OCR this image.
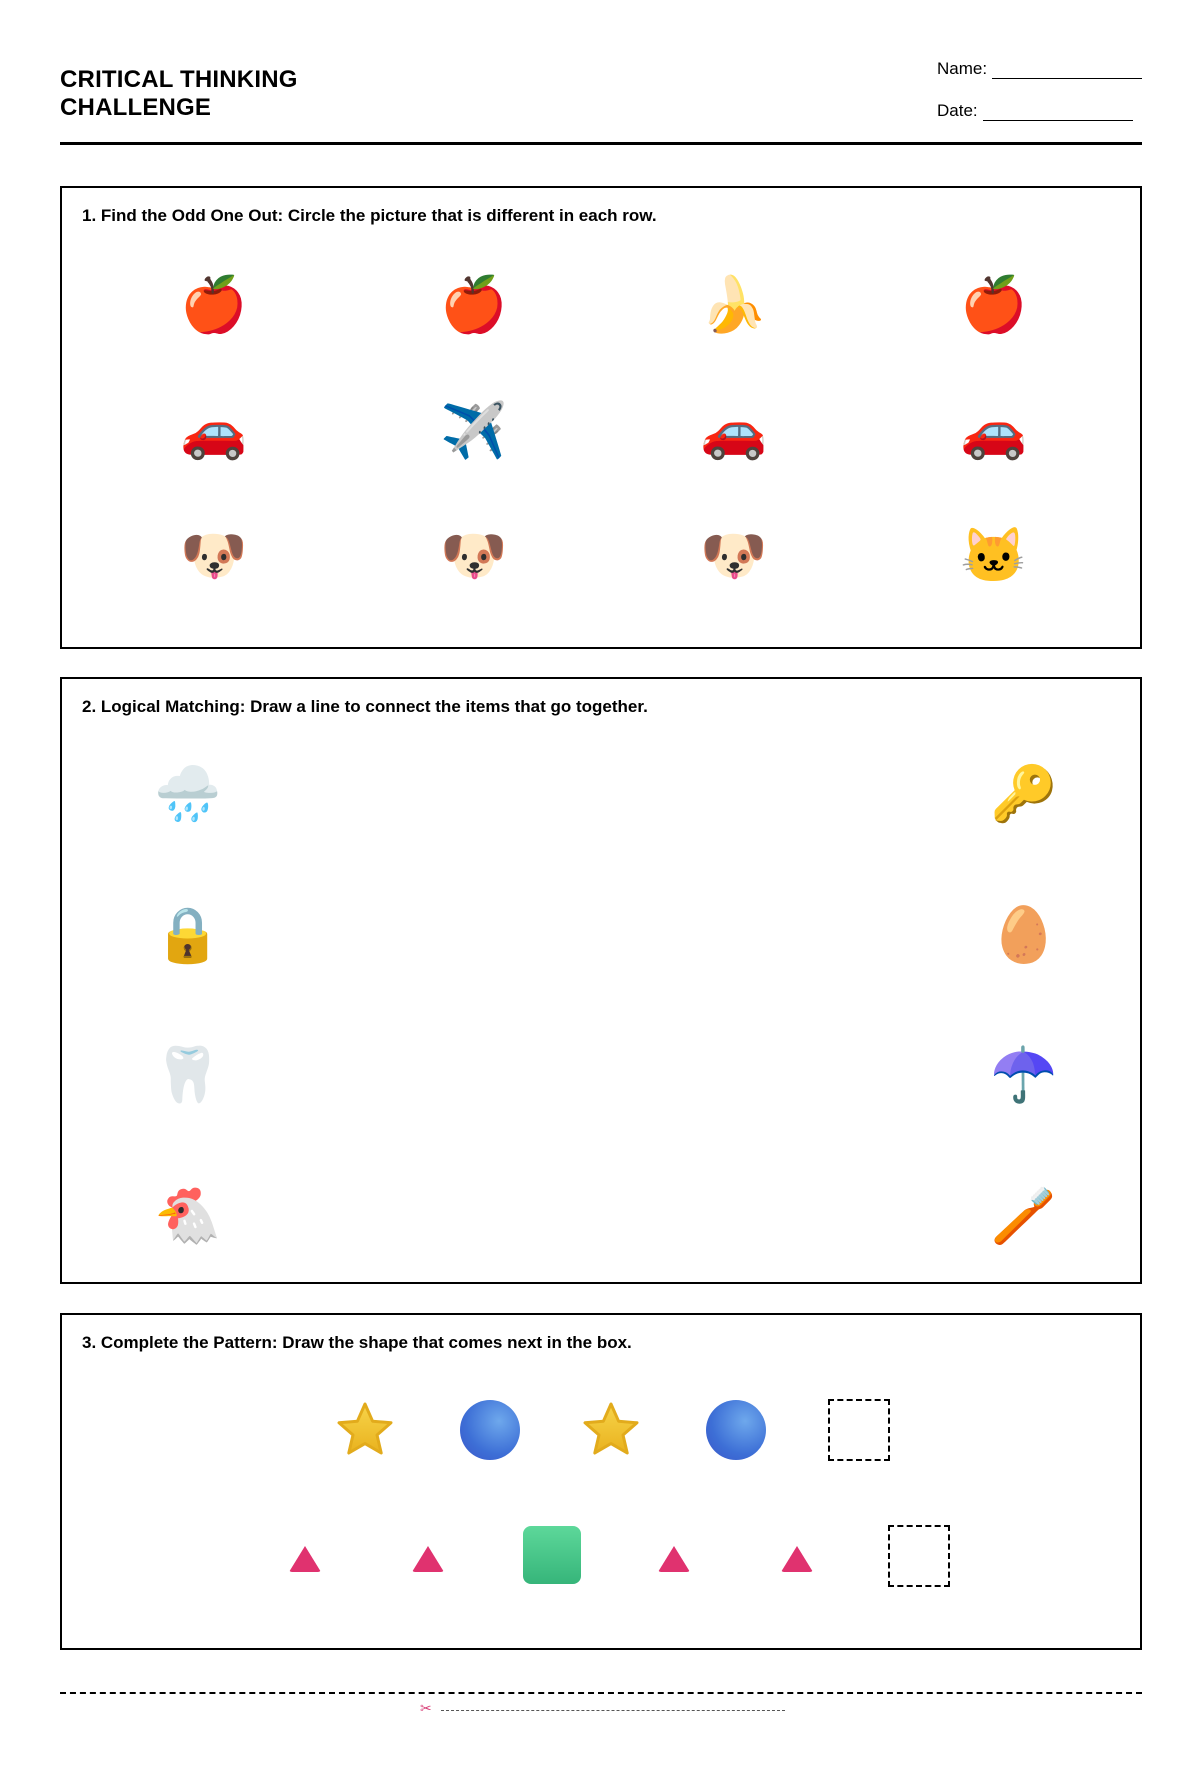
CRITICAL THINKING
CHALLENGE
Name:
Date:
1. Find the Odd One Out: Circle the picture that is different in each row.
🍎	🍎	🍌	🍎
🚗	✈️	🚗	🚗
🐶	🐶	🐶	🐱
2. Logical Matching: Draw a line to connect the items that go together.
🌧️
🔒
🦷
🐔
🔑
🥚
☂️
🪥
3. Complete the Pattern: Draw the shape that comes next in the box.
✂
